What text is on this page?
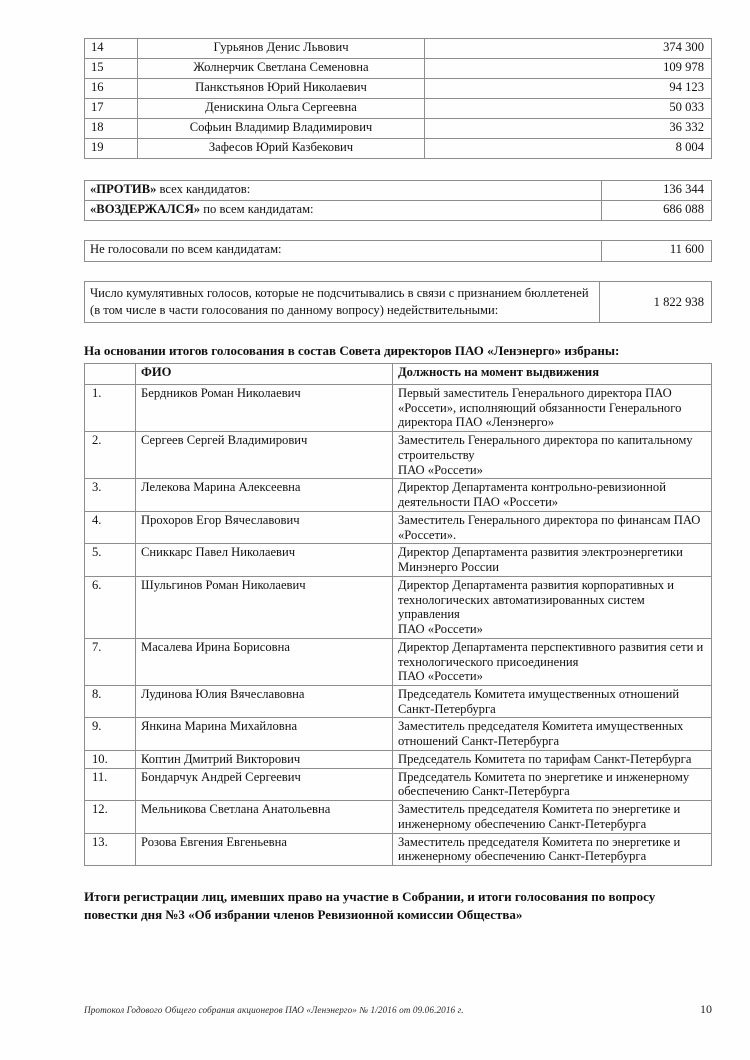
14	Гурьянов Денис Львович	374 300
15	Жолнерчик Светлана Семеновна	109 978
16	Панкстьянов Юрий Николаевич	94 123
17	Денискина Ольга Сергеевна	50 033
18	Софьин Владимир Владимирович	36 332
19	Зафесов Юрий Казбекович	8 004
«ПРОТИВ» всех кандидатов:	136 344
«ВОЗДЕРЖАЛСЯ» по всем кандидатам:	686 088
Не голосовали по всем кандидатам:	11 600
Число кумулятивных голосов, которые не подсчитывались в связи с признанием бюллетеней (в том числе в части голосования по данному вопросу) недействительными:	1 822 938

На основании итогов голосования в состав Совета директоров ПАО «Ленэнерго» избраны:

	ФИО	Должность на момент выдвижения
1.	Бердников Роман Николаевич	Первый заместитель Генерального директора ПАО «Россети», исполняющий обязанности Генерального директора ПАО «Ленэнерго»
2.	Сергеев Сергей Владимирович	Заместитель Генерального директора по капитальному строительству
ПАО «Россети»
3.	Лелекова Марина Алексеевна	Директор Департамента контрольно-ревизионной деятельности ПАО «Россети»
4.	Прохоров Егор Вячеславович	Заместитель Генерального директора по финансам ПАО «Россети».
5.	Сниккарс Павел Николаевич	Директор Департамента развития электроэнергетики Минэнерго России
6.	Шульгинов Роман Николаевич	Директор Департамента развития корпоративных и технологических автоматизированных систем управления
ПАО «Россети»
7.	Масалева Ирина Борисовна	Директор Департамента перспективного развития сети и технологического присоединения
ПАО «Россети»
8.	Лудинова Юлия Вячеславовна	Председатель Комитета имущественных отношений Санкт-Петербурга
9.	Янкина Марина Михайловна	Заместитель председателя Комитета имущественных отношений Санкт-Петербурга
10.	Коптин Дмитрий Викторович	Председатель Комитета по тарифам Санкт-Петербурга
11.	Бондарчук Андрей Сергеевич	Председатель Комитета по энергетике и инженерному обеспечению Санкт-Петербурга
12.	Мельникова Светлана Анатольевна	Заместитель председателя Комитета по энергетике и инженерному обеспечению Санкт-Петербурга
13.	Розова Евгения Евгеньевна	Заместитель председателя Комитета по энергетике и инженерному обеспечению Санкт-Петербурга

Итоги регистрации лиц, имевших право на участие в Собрании, и итоги голосования по вопросу повестки дня №3 «Об избрании членов Ревизионной комиссии Общества»

Протокол Годового Общего собрания акционеров ПАО «Ленэнерго» № 1/2016 от 09.06.2016 г.	10
